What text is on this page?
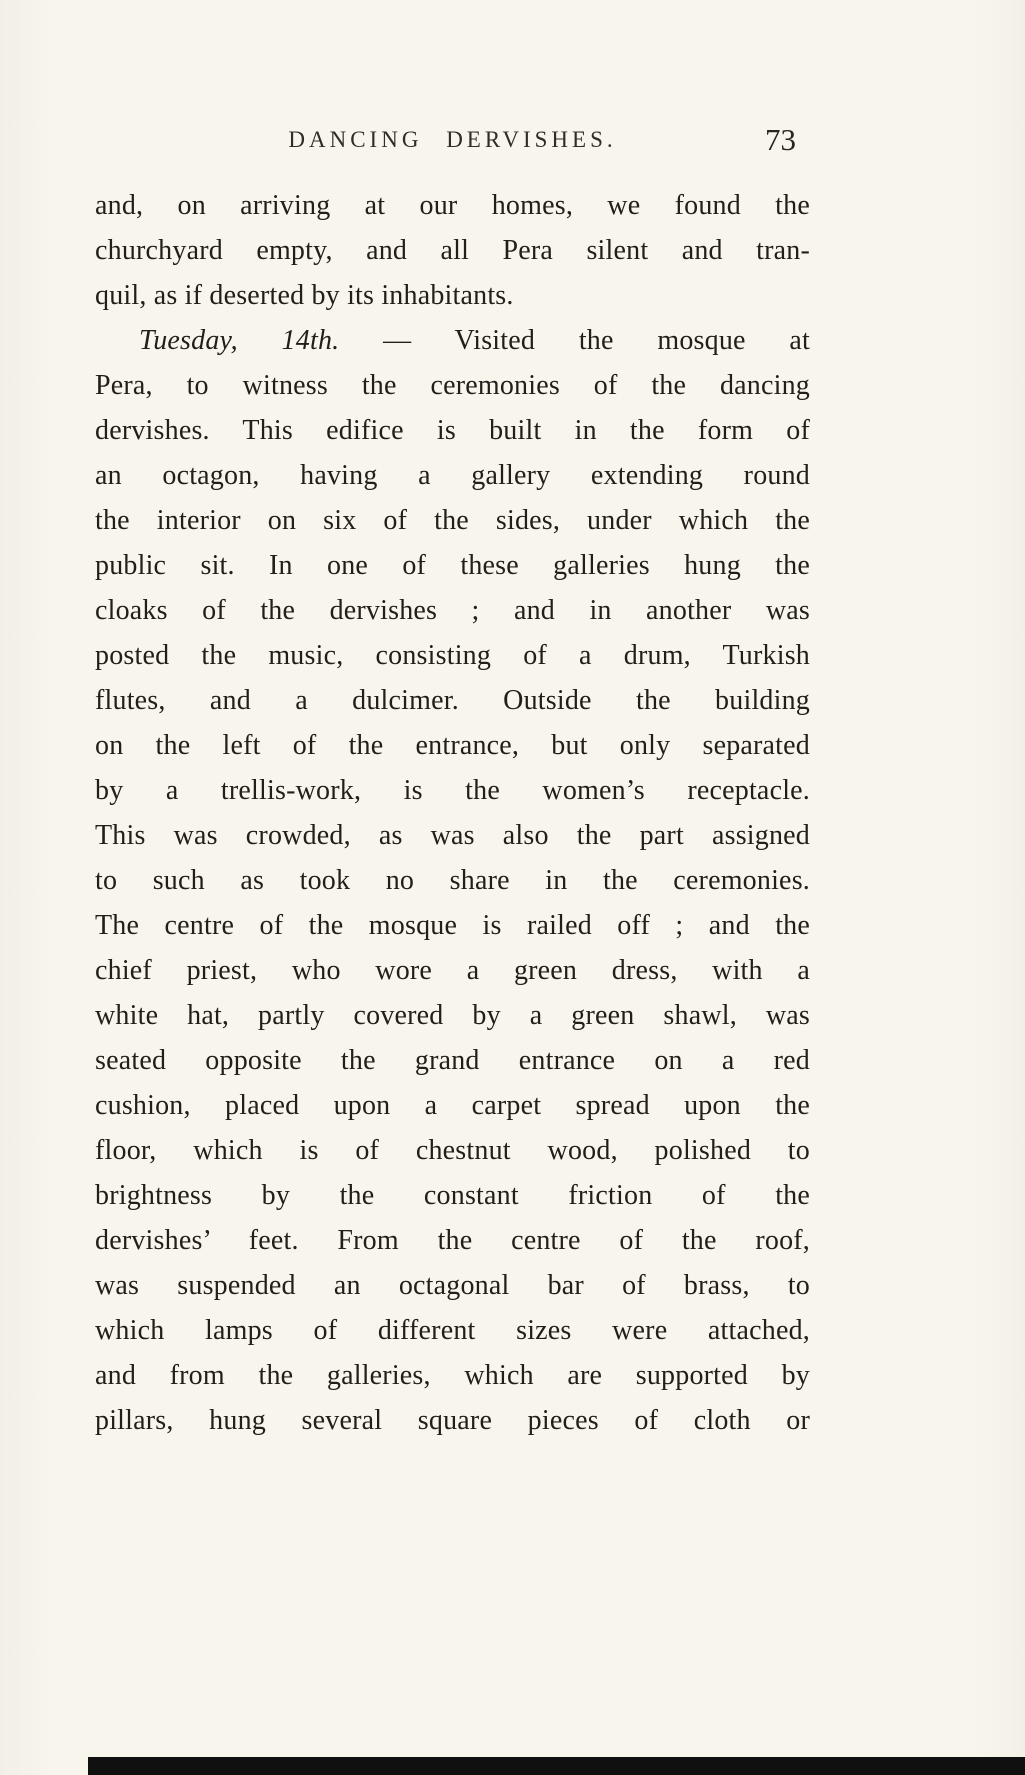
DANCING DERVISHES.	73
and, on arriving at our homes, we found the
churchyard empty, and all Pera silent and tran-
quil, as if deserted by its inhabitants.
Tuesday, 14th. — Visited the mosque at
Pera, to witness the ceremonies of the dancing
dervishes. This edifice is built in the form of
an octagon, having a gallery extending round
the interior on six of the sides, under which the
public sit. In one of these galleries hung the
cloaks of the dervishes ; and in another was
posted the music, consisting of a drum, Turkish
flutes, and a dulcimer. Outside the building
on the left of the entrance, but only separated
by a trellis-work, is the women’s receptacle.
This was crowded, as was also the part assigned
to such as took no share in the ceremonies.
The centre of the mosque is railed off ; and the
chief priest, who wore a green dress, with a
white hat, partly covered by a green shawl, was
seated opposite the grand entrance on a red
cushion, placed upon a carpet spread upon the
floor, which is of chestnut wood, polished to
brightness by the constant friction of the
dervishes’ feet. From the centre of the roof,
was suspended an octagonal bar of brass, to
which lamps of different sizes were attached,
and from the galleries, which are supported by
pillars, hung several square pieces of cloth or
